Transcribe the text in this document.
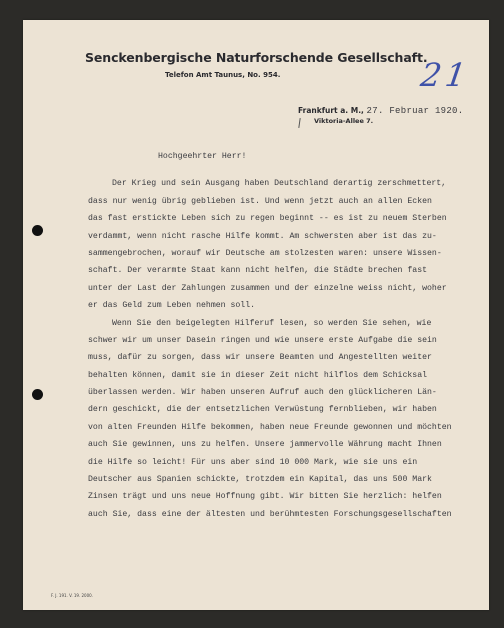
Senckenbergische Naturforschende Gesellschaft.
Telefon Amt Taunus, No. 954.	21
Frankfurt a. M., 27. Februar 1920.
Viktoria-Allee 7.
Hochgeehrter Herr!
Der Krieg und sein Ausgang haben Deutschland derartig zerschmettert,
dass nur wenig übrig geblieben ist. Und wenn jetzt auch an allen Ecken
das fast erstickte Leben sich zu regen beginnt -- es ist zu neuem Sterben
verdammt, wenn nicht rasche Hilfe kommt. Am schwersten aber ist das zu-
sammengebrochen, worauf wir Deutsche am stolzesten waren: unsere Wissen-
schaft. Der verarmte Staat kann nicht helfen, die Städte brechen fast
unter der Last der Zahlungen zusammen und der einzelne weiss nicht, woher
er das Geld zum Leben nehmen soll.
Wenn Sie den beigelegten Hilferuf lesen, so werden Sie sehen, wie
schwer wir um unser Dasein ringen und wie unsere erste Aufgabe die sein
muss, dafür zu sorgen, dass wir unsere Beamten und Angestellten weiter
behalten können, damit sie in dieser Zeit nicht hilflos dem Schicksal
überlassen werden. Wir haben unseren Aufruf auch den glücklicheren Län-
dern geschickt, die der entsetzlichen Verwüstung fernblieben, wir haben
von alten Freunden Hilfe bekommen, haben neue Freunde gewonnen und möchten
auch Sie gewinnen, uns zu helfen. Unsere jammervolle Währung macht Ihnen
die Hilfe so leicht! Für uns aber sind 10 000 Mark, wie sie uns ein
Deutscher aus Spanien schickte, trotzdem ein Kapital, das uns 500 Mark
Zinsen trägt und uns neue Hoffnung gibt. Wir bitten Sie herzlich: helfen
auch Sie, dass eine der ältesten und berühmtesten Forschungsgesellschaften
F. J. 191. V. 19. 2000.
